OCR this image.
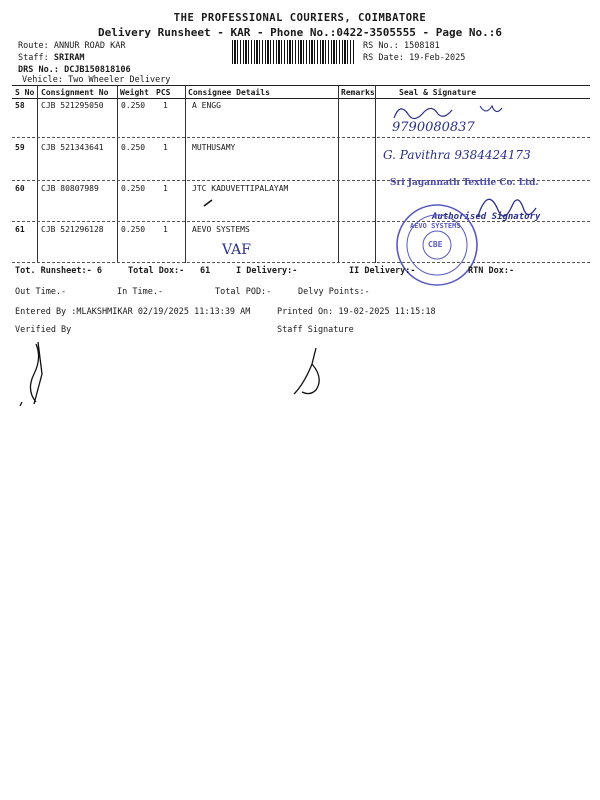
THE PROFESSIONAL COURIERS, COIMBATORE
Delivery Runsheet - KAR - Phone No.:0422-3505555 - Page No.:6
Route: ANNUR ROAD KAR
Staff: SRIRAM
DRS No.: DCJB150818106
Vehicle: Two Wheeler Delivery
RS No.: 1508181
RS Date: 19-Feb-2025
S No Consignment No Weight PCS Consignee Details	Remarks	Seal & Signature
58 CJB 521295050 0.250 1	A ENGG
9790080837
59 CJB 521343641 0.250 1	MUTHUSAMY
G. Pavithra 9384424173
60 CJB 80807989	0.250 1	JTC KADUVETTIPALAYAM
Sri Jagannath Textile Co. Ltd.
61 CJB 521296128 0.250 1	AEVO SYSTEMS
VAF
Authorised Signatory
AEVO SYSTEMS
CBE
Tot. Runsheet:- 6	Total Dox:- 61	I Delivery:-	II Delivery:-	RTN Dox:-
Out Time.-	In Time.-	Total POD:-	Delvy Points:-
Entered By :MLAKSHMIKAR 02/19/2025 11:13:39 AM	Printed On: 19-02-2025 11:15:18
Verified By	Staff Signature
